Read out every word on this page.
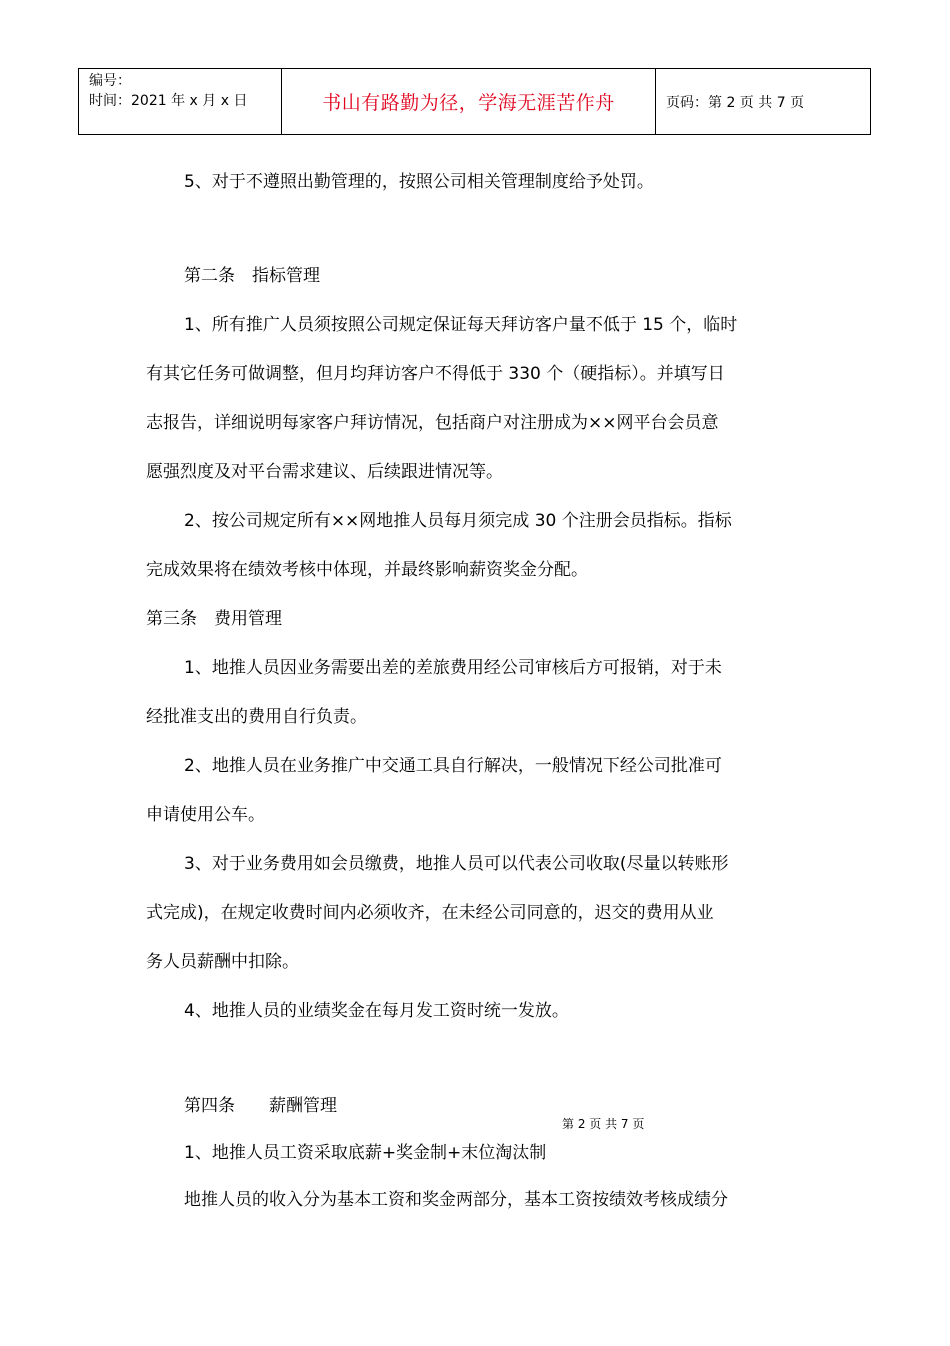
编号：
时间：2021 年 x 月 x 日	书山有路勤为径，学海无涯苦作舟	页码：第 2 页 共 7 页
5、对于不遵照出勤管理的，按照公司相关管理制度给予处罚。
第二条　指标管理
1、所有推广人员须按照公司规定保证每天拜访客户量不低于 15 个，临时
有其它任务可做调整，但月均拜访客户不得低于 330 个（硬指标）。并填写日
志报告，详细说明每家客户拜访情况，包括商户对注册成为××网平台会员意
愿强烈度及对平台需求建议、后续跟进情况等。
2、按公司规定所有××网地推人员每月须完成 30 个注册会员指标。指标
完成效果将在绩效考核中体现，并最终影响薪资奖金分配。
第三条　费用管理
1、地推人员因业务需要出差的差旅费用经公司审核后方可报销，对于未
经批准支出的费用自行负责。
2、地推人员在业务推广中交通工具自行解决，一般情况下经公司批准可
申请使用公车。
3、对于业务费用如会员缴费，地推人员可以代表公司收取(尽量以转账形
式完成)，在规定收费时间内必须收齐，在未经公司同意的，迟交的费用从业
务人员薪酬中扣除。
4、地推人员的业绩奖金在每月发工资时统一发放。
第四条　　薪酬管理
1、地推人员工资采取底薪+奖金制+末位淘汰制
地推人员的收入分为基本工资和奖金两部分，基本工资按绩效考核成绩分
第 2 页 共 7 页
